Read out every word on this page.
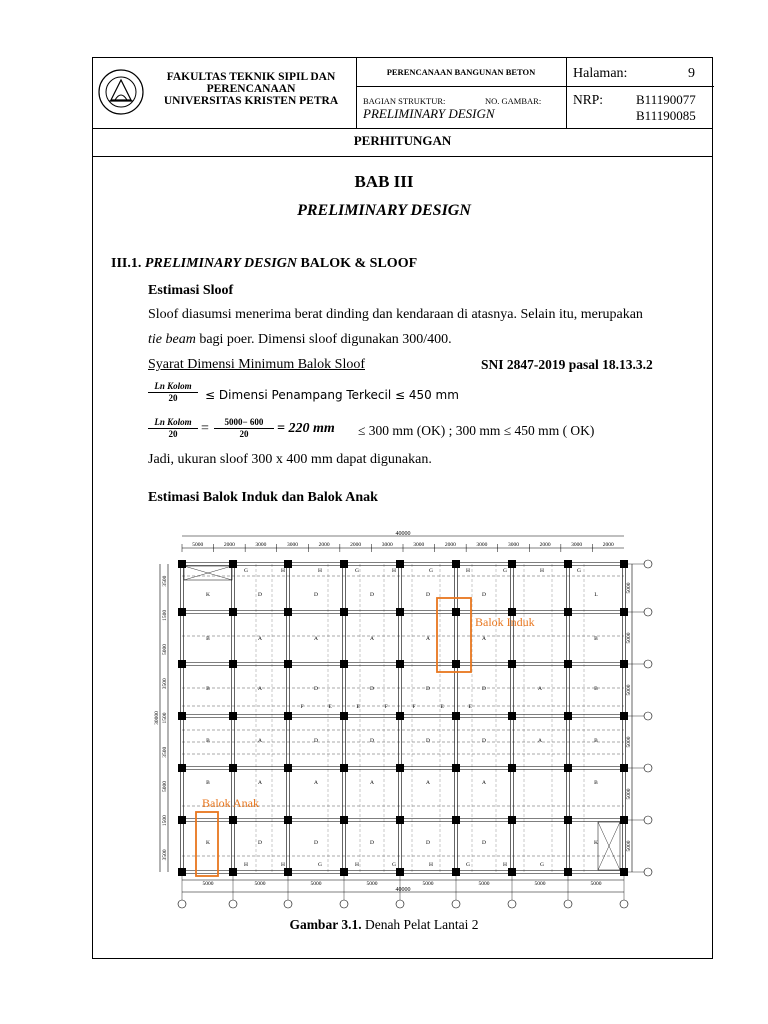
FAKULTAS TEKNIK SIPIL DAN
PERENCANAAN
UNIVERSITAS KRISTEN PETRA
PERENCANAAN BANGUNAN BETON
BAGIAN STRUKTUR:	NO. GAMBAR:
PRELIMINARY DESIGN
Halaman:	9
NRP:	B11190077
B11190085
PERHITUNGAN
BAB III
PRELIMINARY DESIGN
III.1. PRELIMINARY DESIGN BALOK & SLOOF
Estimasi Sloof
Sloof diasumsi menerima berat dinding dan kendaraan di atasnya. Selain itu, merupakan
tie beam bagi poer. Dimensi sloof digunakan 300/400.
Syarat Dimensi Minimum Balok Sloof	SNI 2847-2019 pasal 18.13.3.2
Ln Kolom
20	≤ Dimensi Penampang Terkecil ≤ 450 mm
Ln Kolom
20	= $\frac{5000- 600}{20} = 220$ mm ≤ 300 mm (OK) ; 300 mm ≤ 450 mm ( OK)
Jadi, ukuran sloof 300 x 400 mm dapat digunakan.
Estimasi Balok Induk dan Balok Anak
40000
5000	2000	3000	3000	2000	2000	3000	3000	2000	3000	3000	2000	3000	2000
30000
3500
1500
5000
3500
1500
3500
5000
1500
3500
5000
5000
5000
5000
5000
5000
5000	5000	5000	5000	5000	5000	5000	5000
40000
G	H	H	G	H	G	H	G	H	G
K	D	D	D	D	D	L
B	A	A	A	A	A	B
B	A	D	D	D	D	A	B
F	E	E	F	F	E	E
B	A	D	D	D	D	A	B
B	A	A	A	A	A	B
K	D	D	D	D	D	K
H	H	G	H	G	H	G	H	G
Balok Induk
Balok Anak
Gambar 3.1. Denah Pelat Lantai 2
